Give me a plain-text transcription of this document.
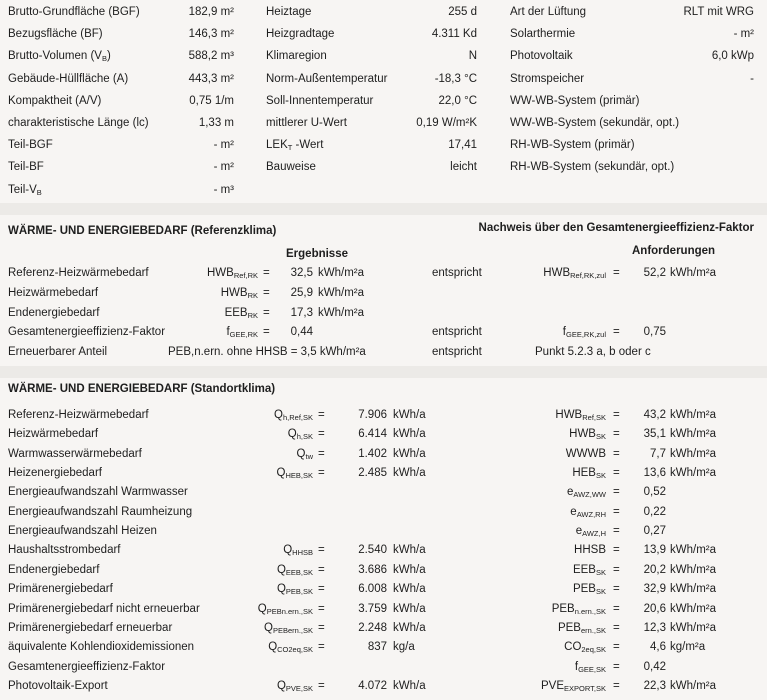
Brutto-Grundfläche (BGF)	182,9 m²
Bezugsfläche (BF)	146,3 m²
Brutto-Volumen $(V_B)$	588,2 m³
Gebäude-Hüllfläche (A)	443,3 m²
Kompaktheit (A/V)	0,75 1/m
charakteristische Länge (lc)	1,33 m
Teil-BGF	- m²
Teil-BF	- m²
Teil-$V_B$	- m³
Heiztage	255 d
Heizgradtage	4.311 Kd
Klimaregion	N
Norm-Außentemperatur	-18,3 °C
Soll-Innentemperatur	22,0 °C
mittlerer U-Wert	0,19 W/m²K
$LEK_T$ -Wert	17,41
Bauweise	leicht
Art der Lüftung	RLT mit WRG
Solarthermie	- m²
Photovoltaik	6,0 kWp
Stromspeicher	-
WW-WB-System (primär)
WW-WB-System (sekundär, opt.)
RH-WB-System (primär)
RH-WB-System (sekundär, opt.)
WÄRME- UND ENERGIEBEDARF (Referenzklima)	Nachweis über den Gesamtenergieeffizienz-Faktor
Ergebnisse	Anforderungen
Referenz-Heizwärmebedarf	$HWB_{Ref,RK}$ =	32,5 kWh/m²a	entspricht	$HWB_{Ref,RK,zul}$ =	52,2 kWh/m²a
Heizwärmebedarf	$HWB_{RK}$ =	25,9 kWh/m²a
Endenergiebedarf	$EEB_{RK}$ =	17,3 kWh/m²a
Gesamtenergieeffizienz-Faktor	$f_{GEE,RK}$ =	0,44	entspricht	$f_{GEE,RK,zul}$ =	0,75
Erneuerbarer Anteil	PEB,n.ern. ohne HHSB = 3,5 kWh/m²a	entspricht	Punkt 5.2.3 a, b oder c
WÄRME- UND ENERGIEBEDARF (Standortklima)
Referenz-Heizwärmebedarf	$Q_{h,Ref,SK}$ =	7.906 kWh/a	$HWB_{Ref,SK}$ =	43,2 kWh/m²a
Heizwärmebedarf	$Q_{h,SK}$ =	6.414 kWh/a	$HWB_{SK}$ =	35,1 kWh/m²a
Warmwasserwärmebedarf	$Q_{tw}$ =	1.402 kWh/a	WWWB =	7,7 kWh/m²a
Heizenergiebedarf	$Q_{HEB,SK}$ =	2.485 kWh/a	$HEB_{SK}$ =	13,6 kWh/m²a
Energieaufwandszahl Warmwasser	$e_{AWZ,WW}$ =	0,52
Energieaufwandszahl Raumheizung	$e_{AWZ,RH}$ =	0,22
Energieaufwandszahl Heizen	$e_{AWZ,H}$ =	0,27
Haushaltsstrombedarf	$Q_{HHSB}$ =	2.540 kWh/a	HHSB =	13,9 kWh/m²a
Endenergiebedarf	$Q_{EEB,SK}$ =	3.686 kWh/a	$EEB_{SK}$ =	20,2 kWh/m²a
Primärenergiebedarf	$Q_{PEB,SK}$ =	6.008 kWh/a	$PEB_{SK}$ =	32,9 kWh/m²a
Primärenergiebedarf nicht erneuerbar	$Q_{PEBn.ern.,SK}$ =	3.759 kWh/a	$PEB_{n.ern.,SK}$ =	20,6 kWh/m²a
Primärenergiebedarf erneuerbar	$Q_{PEBern.,SK}$ =	2.248 kWh/a	$PEB_{ern.,SK}$ =	12,3 kWh/m²a
äquivalente Kohlendioxidemissionen	$Q_{CO2eq,SK}$ =	837 kg/a	$CO_{2eq,SK}$ =	4,6 kg/m²a
Gesamtenergieeffizienz-Faktor	$f_{GEE,SK}$ =	0,42
Photovoltaik-Export	$Q_{PVE,SK}$ =	4.072 kWh/a	$PVE_{EXPORT,SK}$ =	22,3 kWh/m²a
